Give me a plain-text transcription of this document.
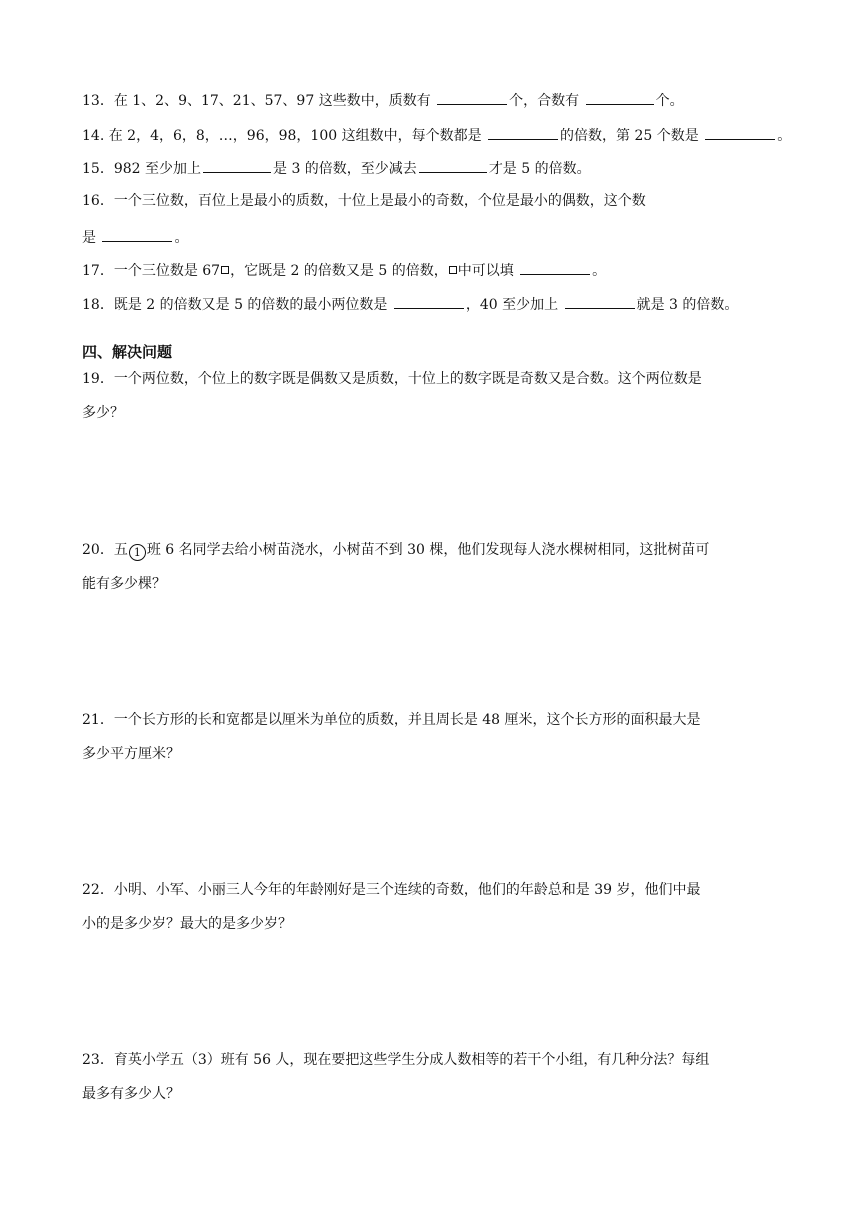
13．在 1、2、9、17、21、57、97 这些数中，质数有	个，合数有	个。
14. 在 2，4，6，8，…，96，98，100 这组数中，每个数都是	的倍数，第 25 个数是	。
15．982 至少加上	是 3 的倍数，至少减去	才是 5 的倍数。
16．一个三位数，百位上是最小的质数，十位上是最小的奇数，个位是最小的偶数，这个数
是	。
17．一个三位数是 67 ，它既是 2 的倍数又是 5 的倍数， 中可以填	。
18．既是 2 的倍数又是 5 的倍数的最小两位数是	，40 至少加上	就是 3 的倍数。
四、解决问题
19．一个两位数，个位上的数字既是偶数又是质数，十位上的数字既是奇数又是合数。这个两位数是
多少？
20．五 1 班 6 名同学去给小树苗浇水，小树苗不到 30 棵，他们发现每人浇水棵树相同，这批树苗可
能有多少棵？
21．一个长方形的长和宽都是以厘米为单位的质数，并且周长是 48 厘米，这个长方形的面积最大是
多少平方厘米？
22．小明、小军、小丽三人今年的年龄刚好是三个连续的奇数，他们的年龄总和是 39 岁，他们中最
小的是多少岁？最大的是多少岁？
23．育英小学五（3）班有 56 人，现在要把这些学生分成人数相等的若干个小组，有几种分法？每组
最多有多少人？
